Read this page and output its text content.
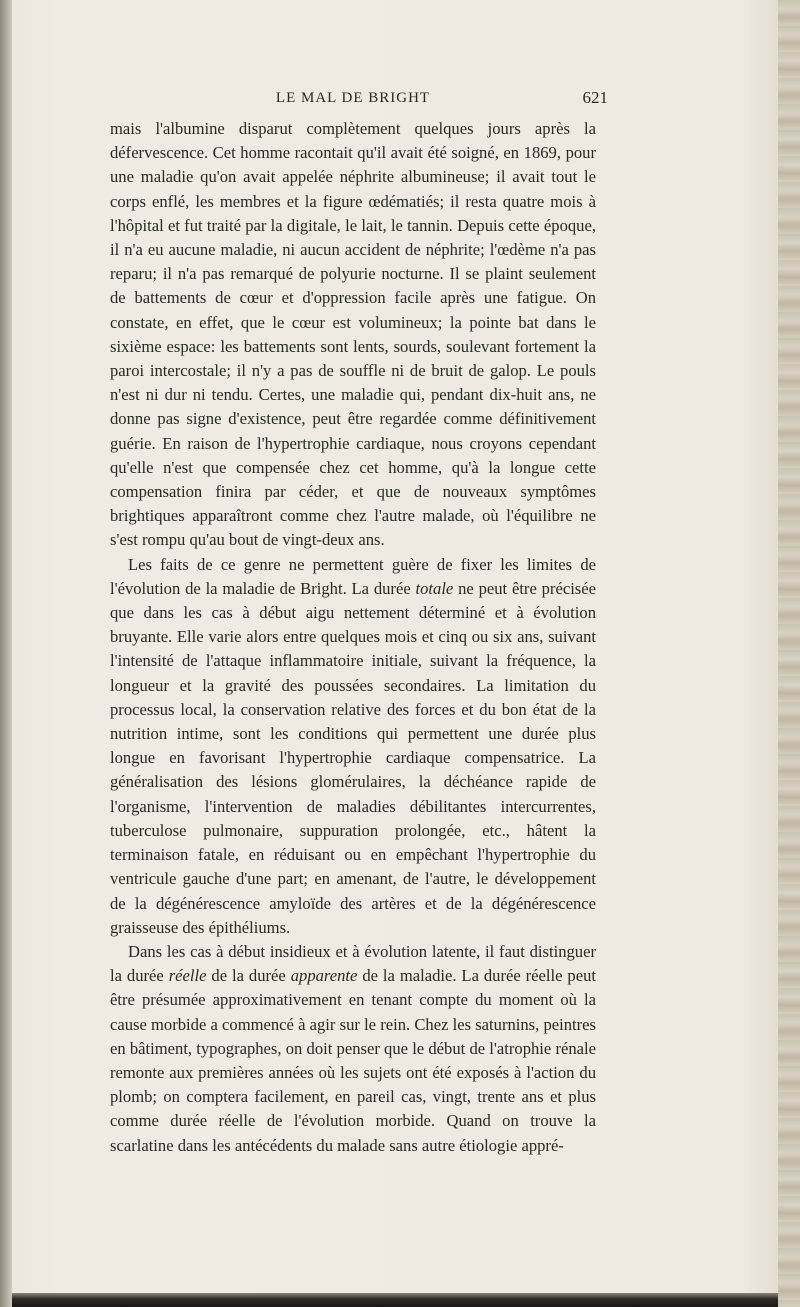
LE MAL DE BRIGHT	621

mais l'albumine disparut complètement quelques jours après la défervescence. Cet homme racontait qu'il avait été soigné, en 1869, pour une maladie qu'on avait appelée néphrite albumineuse; il avait tout le corps enflé, les membres et la figure œdématiés; il resta quatre mois à l'hôpital et fut traité par la digitale, le lait, le tannin. Depuis cette époque, il n'a eu aucune maladie, ni aucun accident de néphrite; l'œdème n'a pas reparu; il n'a pas remarqué de polyurie nocturne. Il se plaint seulement de battements de cœur et d'oppression facile après une fatigue. On constate, en effet, que le cœur est volumineux; la pointe bat dans le sixième espace: les battements sont lents, sourds, soulevant fortement la paroi intercostale; il n'y a pas de souffle ni de bruit de galop. Le pouls n'est ni dur ni tendu. Certes, une maladie qui, pendant dix-huit ans, ne donne pas signe d'existence, peut être regardée comme définitivement guérie. En raison de l'hypertrophie cardiaque, nous croyons cependant qu'elle n'est que compensée chez cet homme, qu'à la longue cette compensation finira par céder, et que de nouveaux symptômes brightiques apparaîtront comme chez l'autre malade, où l'équilibre ne s'est rompu qu'au bout de vingt-deux ans.

Les faits de ce genre ne permettent guère de fixer les limites de l'évolution de la maladie de Bright. La durée totale ne peut être précisée que dans les cas à début aigu nettement déterminé et à évolution bruyante. Elle varie alors entre quelques mois et cinq ou six ans, suivant l'intensité de l'attaque inflammatoire initiale, suivant la fréquence, la longueur et la gravité des poussées secondaires. La limitation du processus local, la conservation relative des forces et du bon état de la nutrition intime, sont les conditions qui permettent une durée plus longue en favorisant l'hypertrophie cardiaque compensatrice. La généralisation des lésions glomérulaires, la déchéance rapide de l'organisme, l'intervention de maladies débilitantes intercurrentes, tuberculose pulmonaire, suppuration prolongée, etc., hâtent la terminaison fatale, en réduisant ou en empêchant l'hypertrophie du ventricule gauche d'une part; en amenant, de l'autre, le développement de la dégénérescence amyloïde des artères et de la dégénérescence graisseuse des épithéliums.

Dans les cas à début insidieux et à évolution latente, il faut distinguer la durée réelle de la durée apparente de la maladie. La durée réelle peut être présumée approximativement en tenant compte du moment où la cause morbide a commencé à agir sur le rein. Chez les saturnins, peintres en bâtiment, typographes, on doit penser que le début de l'atrophie rénale remonte aux premières années où les sujets ont été exposés à l'action du plomb; on comptera facilement, en pareil cas, vingt, trente ans et plus comme durée réelle de l'évolution morbide. Quand on trouve la scarlatine dans les antécédents du malade sans autre étiologie appré-
